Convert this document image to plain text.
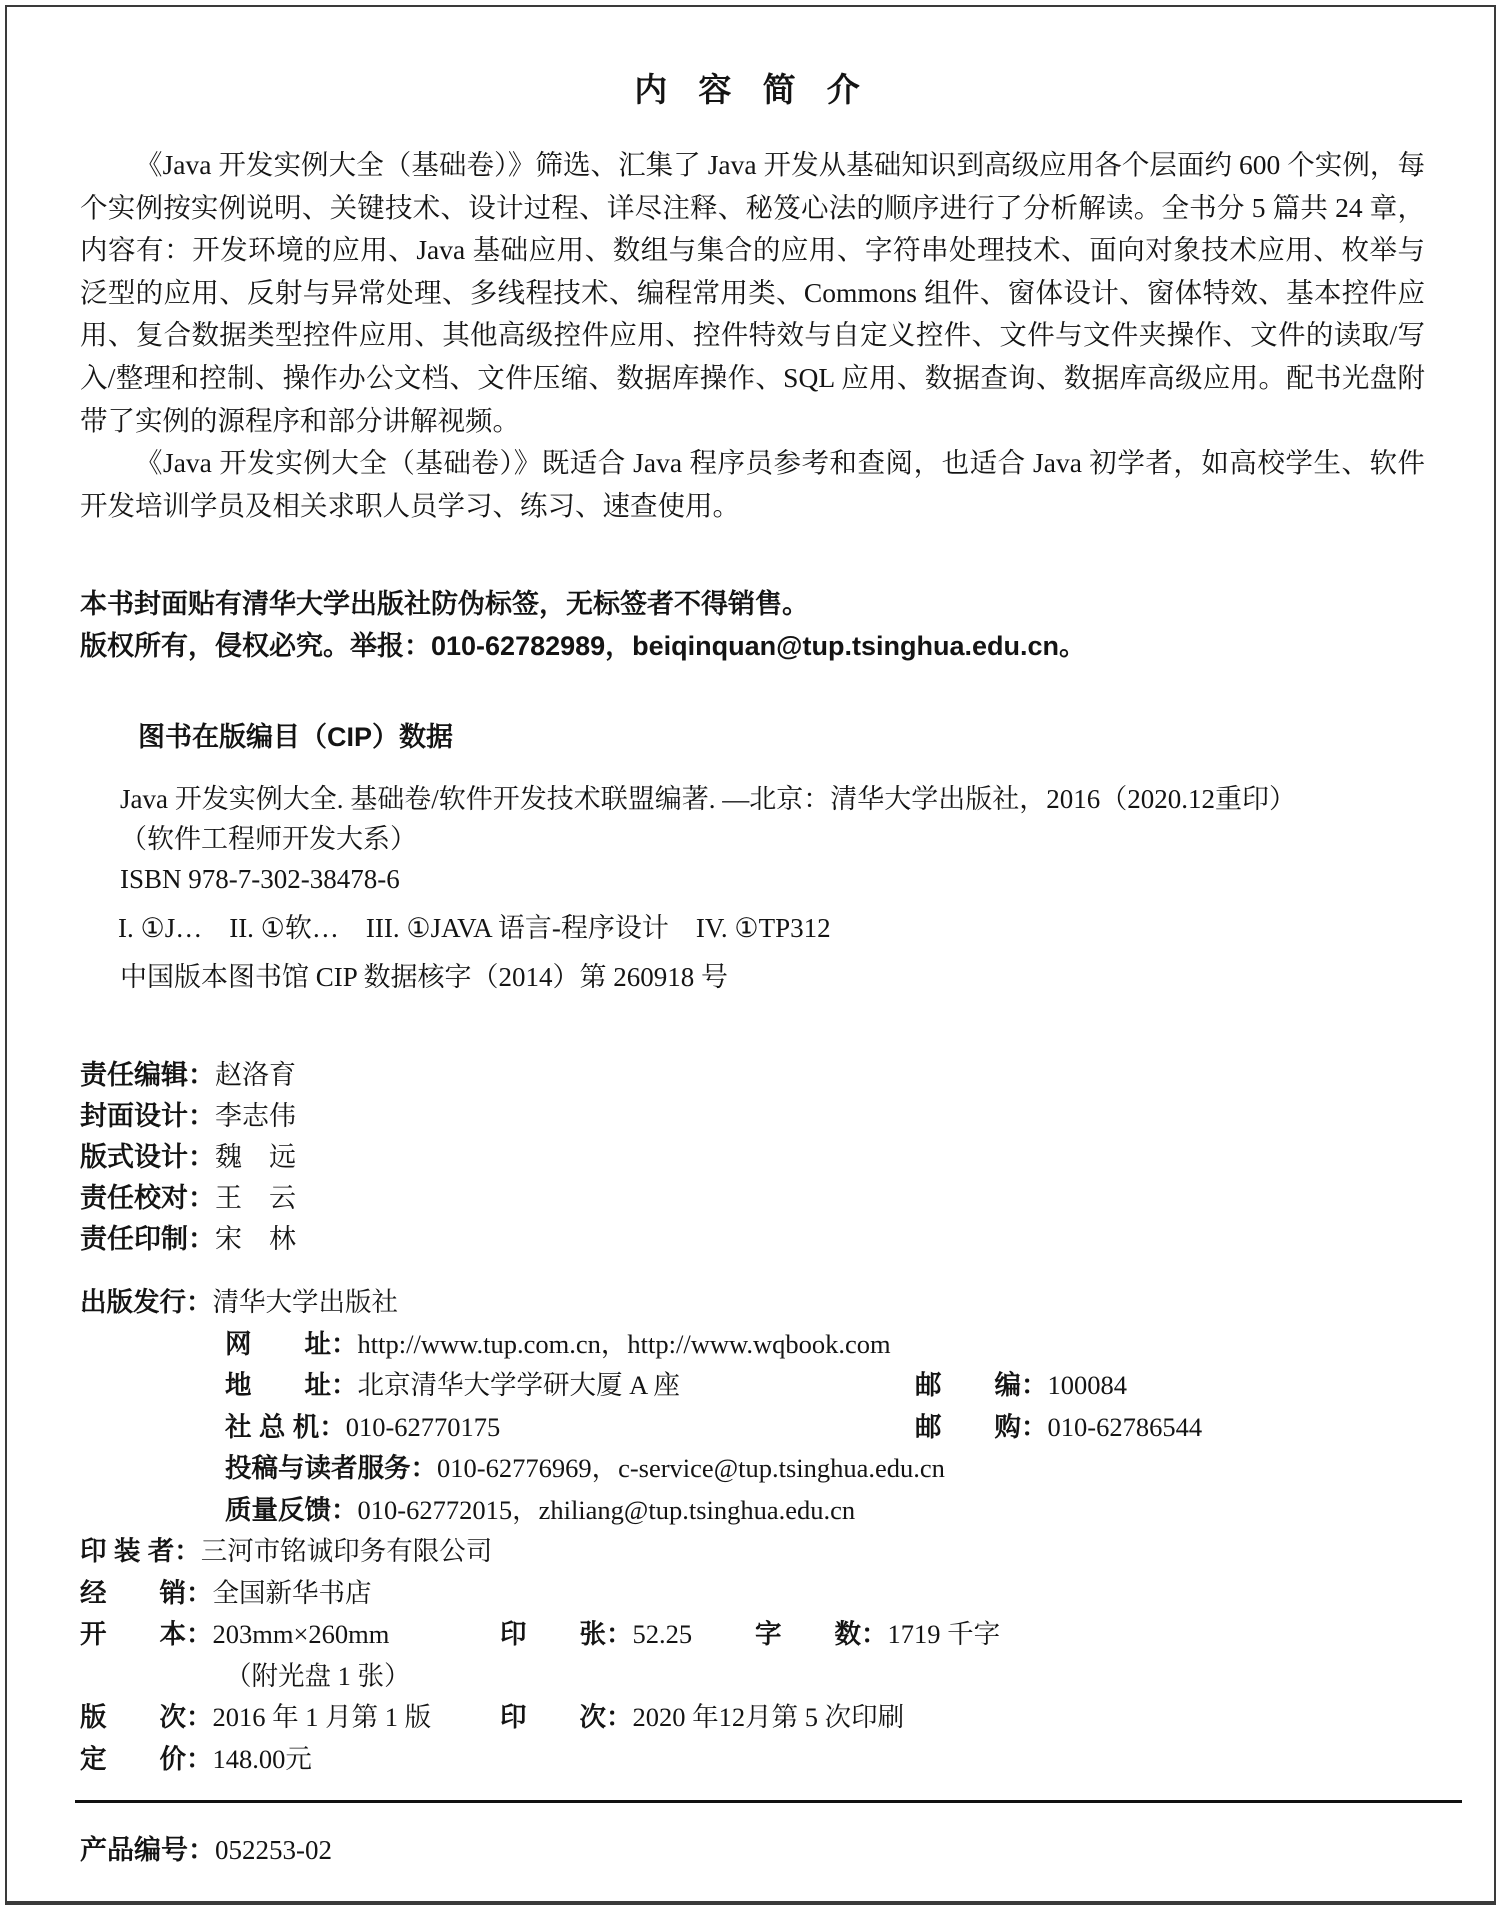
内 容 简 介

《Java 开发实例大全（基础卷）》筛选、汇集了 Java 开发从基础知识到高级应用各个层面约 600 个实例，每个实例按实例说明、关键技术、设计过程、详尽注释、秘笈心法的顺序进行了分析解读。全书分 5 篇共 24 章，内容有：开发环境的应用、Java 基础应用、数组与集合的应用、字符串处理技术、面向对象技术应用、枚举与泛型的应用、反射与异常处理、多线程技术、编程常用类、Commons 组件、窗体设计、窗体特效、基本控件应用、复合数据类型控件应用、其他高级控件应用、控件特效与自定义控件、文件与文件夹操作、文件的读取/写入/整理和控制、操作办公文档、文件压缩、数据库操作、SQL 应用、数据查询、数据库高级应用。配书光盘附带了实例的源程序和部分讲解视频。

《Java 开发实例大全（基础卷）》既适合 Java 程序员参考和查阅，也适合 Java 初学者，如高校学生、软件开发培训学员及相关求职人员学习、练习、速查使用。

本书封面贴有清华大学出版社防伪标签，无标签者不得销售。
版权所有，侵权必究。举报：010-62782989，beiqinquan@tup.tsinghua.edu.cn。
图书在版编目（CIP）数据
Java 开发实例大全. 基础卷/软件开发技术联盟编著. —北京：清华大学出版社，2016（2020.12重印）
（软件工程师开发大系）
ISBN 978-7-302-38478-6
I. ①J…　II. ①软…　III. ①JAVA 语言-程序设计　IV. ①TP312
中国版本图书馆 CIP 数据核字（2014）第 260918 号
责任编辑：赵洛育
封面设计：李志伟
版式设计：魏　远
责任校对：王　云
责任印制：宋　林
出版发行：清华大学出版社
网　　址：http://www.tup.com.cn，http://www.wqbook.com
地　　址：北京清华大学学研大厦 A 座	邮　　编：100084
社 总 机：010-62770175	邮　　购：010-62786544
投稿与读者服务：010-62776969，c-service@tup.tsinghua.edu.cn
质量反馈：010-62772015，zhiliang@tup.tsinghua.edu.cn
印 装 者：三河市铭诚印务有限公司
经　　销：全国新华书店
开　　本：203mm×260mm	印　　张：52.25 字　　数：1719 千字
（附光盘 1 张）
版　　次：2016 年 1 月第 1 版	印　　次：2020 年12月第 5 次印刷
定　　价：148.00元
产品编号：052253-02
